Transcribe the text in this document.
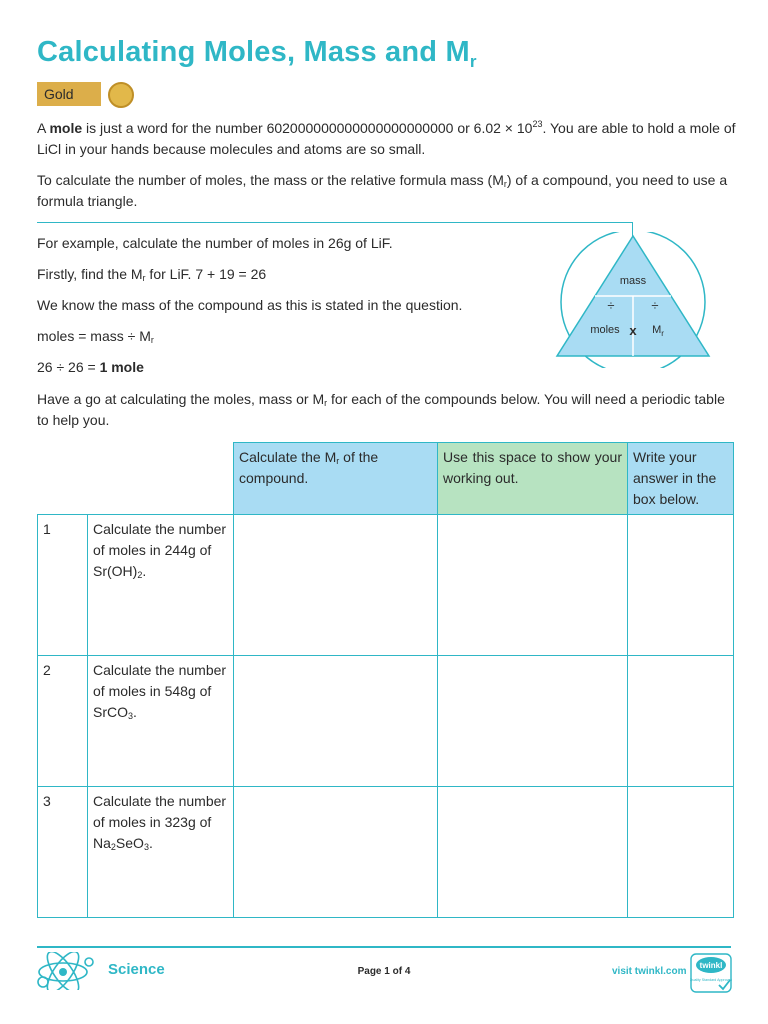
Calculating Moles, Mass and $M_r$
Gold
A mole is just a word for the number 602000000000000000000000 or $6.02 \times 10^{23}$. You are able to hold a mole of LiCl in your hands because molecules and atoms are so small.
To calculate the number of moles, the mass or the relative formula mass $(M_r)$ of a compound, you need to use a formula triangle.
For example, calculate the number of moles in 26g of LiF.
Firstly, find the $M_r$ for LiF. 7 + 19 = 26
We know the mass of the compound as this is stated in the question.
moles = mass ÷ $M_r$
26 ÷ 26 = 1 mole
mass
÷	÷
moles x $M_r$
Have a go at calculating the moles, mass or $M_r$ for each of the compounds below. You will need a periodic table to help you.
		Calculate the $M_r$ of the compound.	Use this space to show your working out.	Write your answer in the box below.
1	Calculate the number of moles in 244g of $Sr(OH)_2$.			
2	Calculate the number of moles in 548g of SrCO$_3$.			
3	Calculate the number of moles in 323g of $Na_2SeO_3$.			
Science	Page 1 of 4	visit twinkl.com
twinkl
Quality Standard Approved
